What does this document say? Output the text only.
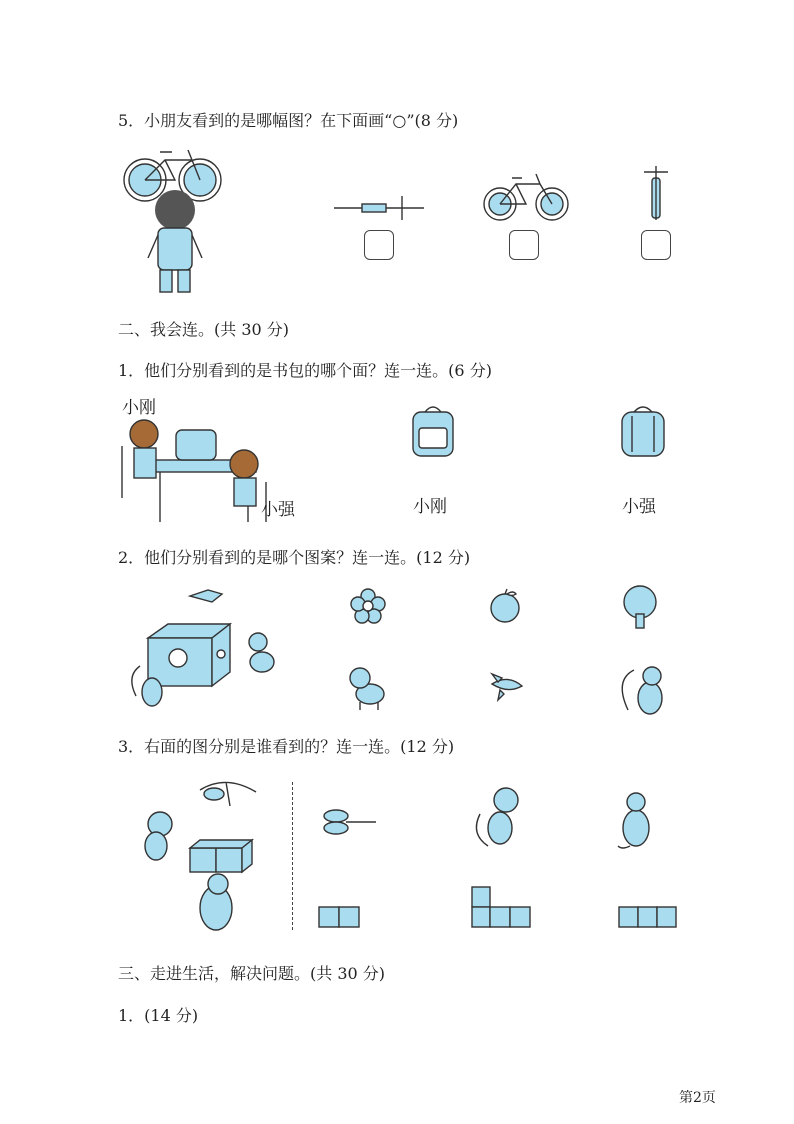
5．小朋友看到的是哪幅图？在下面画“○”(8 分)
二、我会连。(共 30 分)
1．他们分别看到的是书包的哪个面？连一连。(6 分)
小刚
小强	小刚	小强
2．他们分别看到的是哪个图案？连一连。(12 分)
3．右面的图分别是谁看到的？连一连。(12 分)
三、走进生活，解决问题。(共 30 分)
1．(14 分)
第2页
